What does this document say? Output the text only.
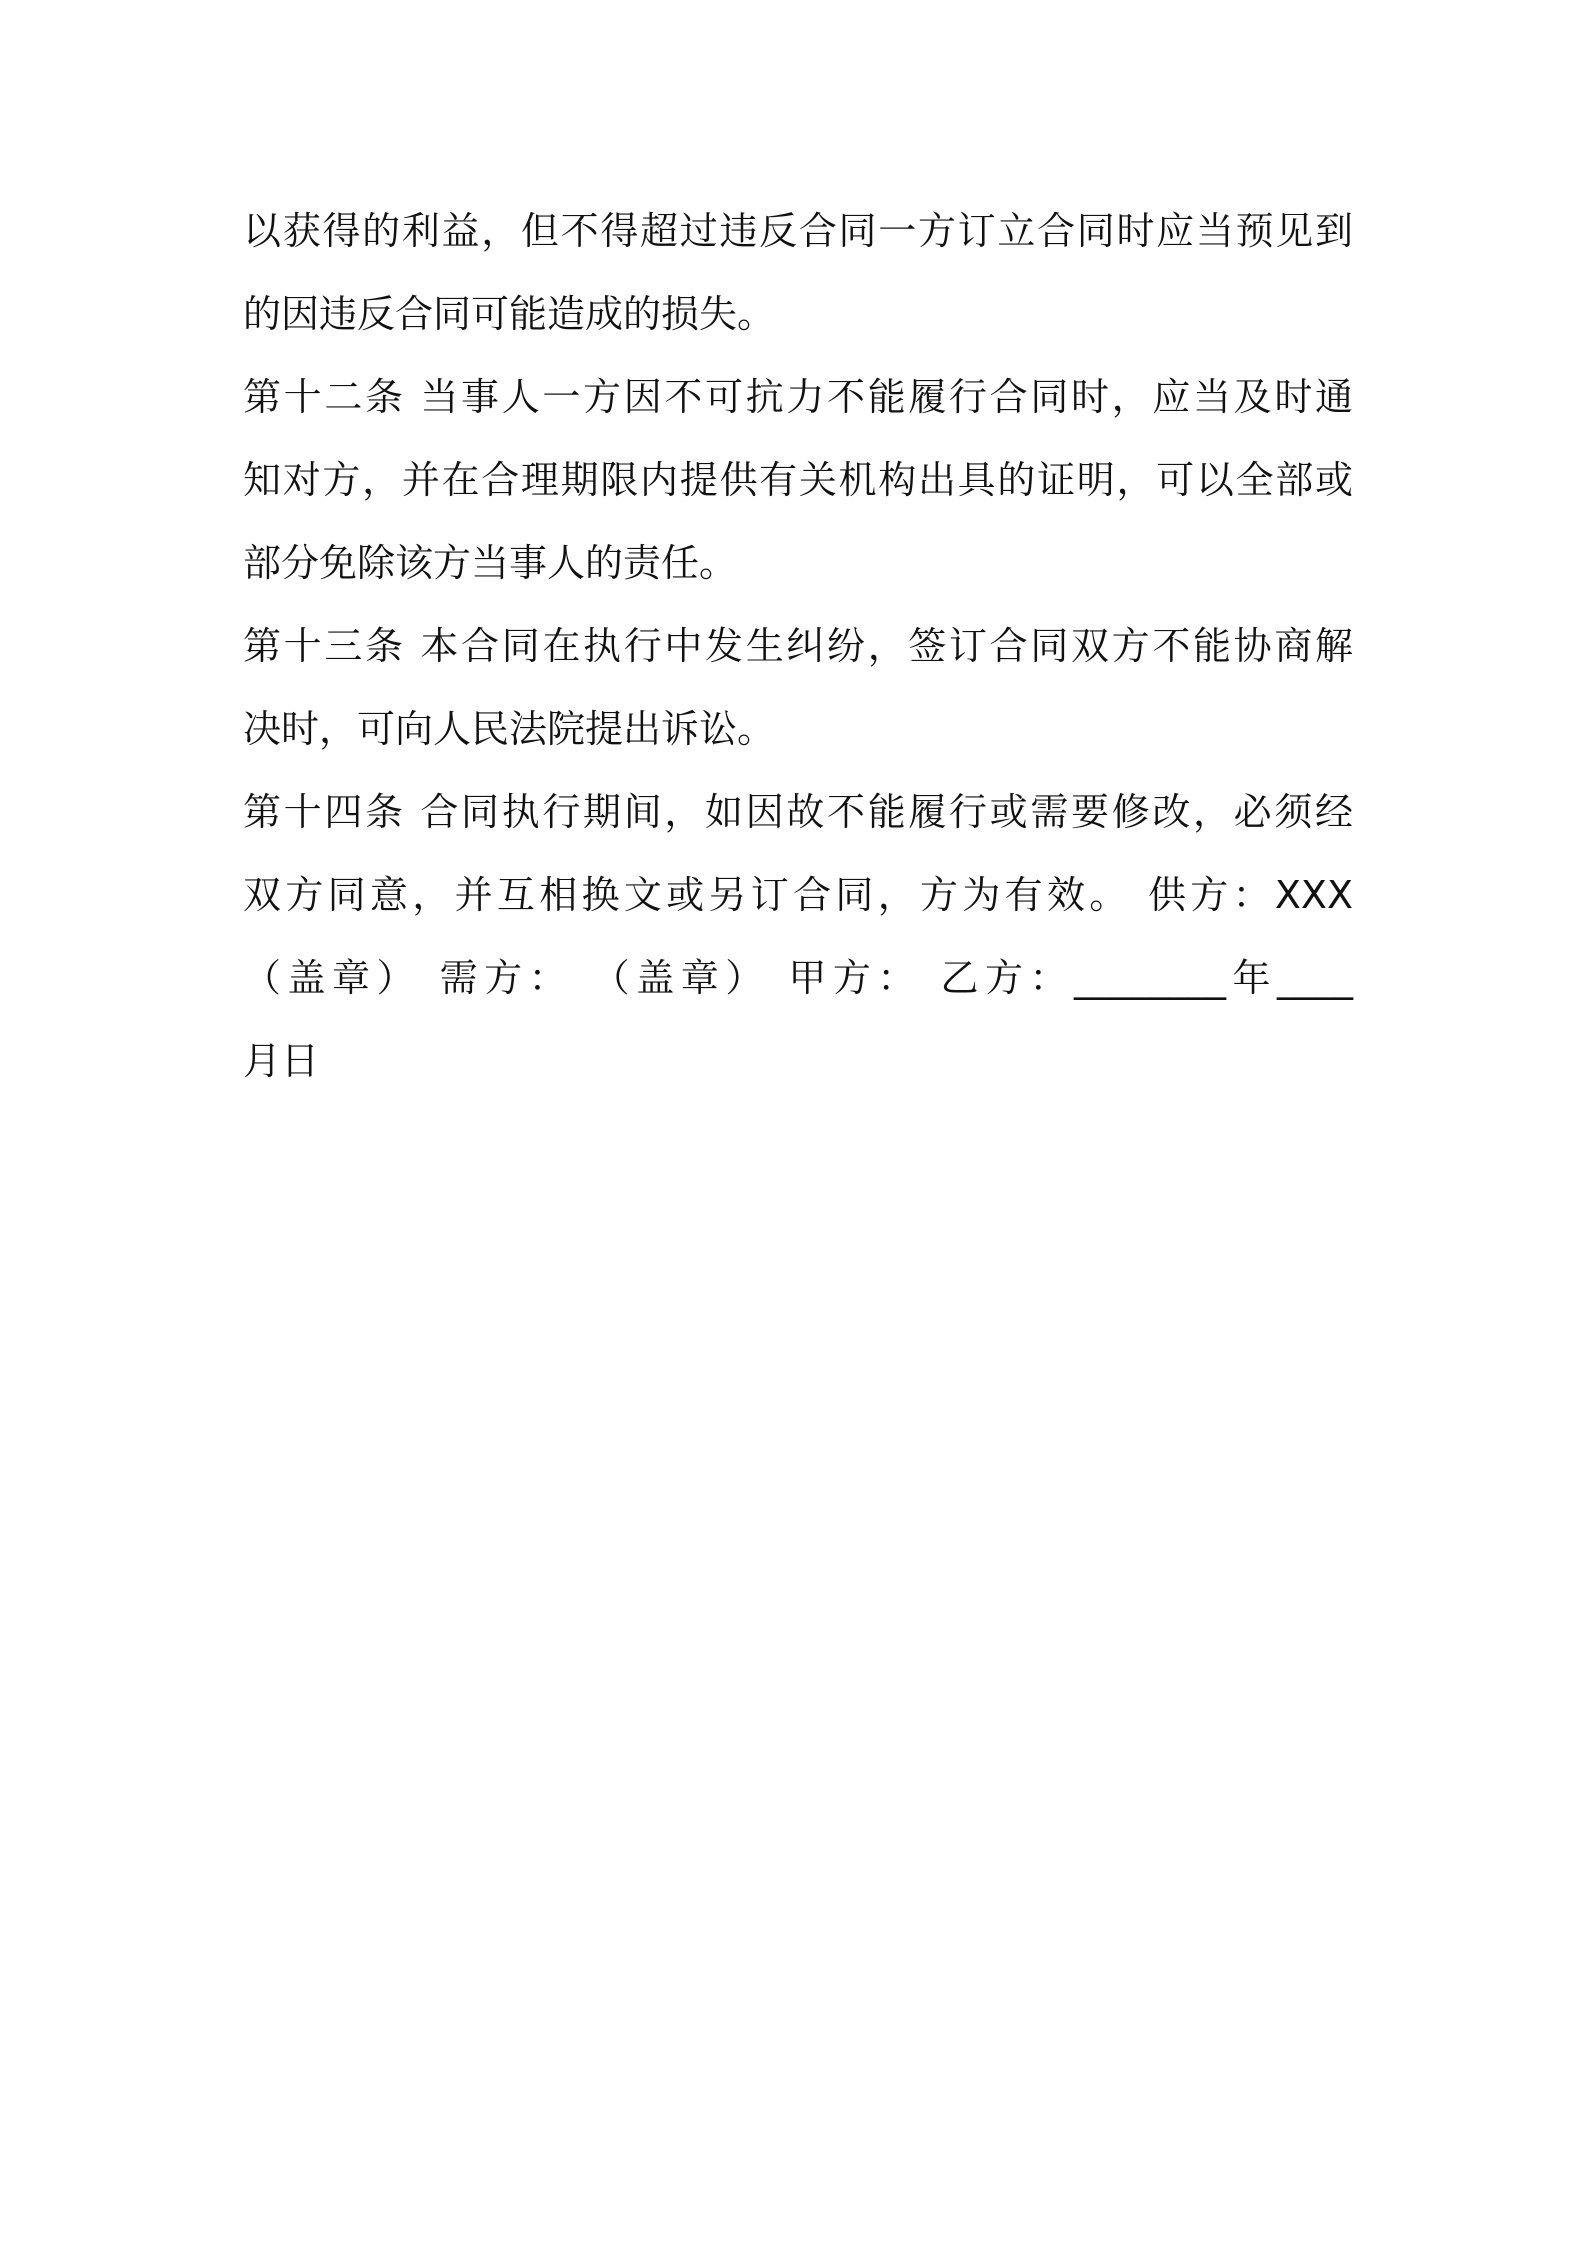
以获得的利益，但不得超过违反合同一方订立合同时应当预见到
的因违反合同可能造成的损失。
第十二条 当事人一方因不可抗力不能履行合同时，应当及时通
知对方，并在合理期限内提供有关机构出具的证明，可以全部或
部分免除该方当事人的责任。
第十三条 本合同在执行中发生纠纷，签订合同双方不能协商解
决时，可向人民法院提出诉讼。
第十四条 合同执行期间，如因故不能履行或需要修改，必须经
双方同意，并互相换文或另订合同，方为有效。 供方：XXX
（盖章） 需方： （盖章） 甲方： 乙方：________年____
月日
